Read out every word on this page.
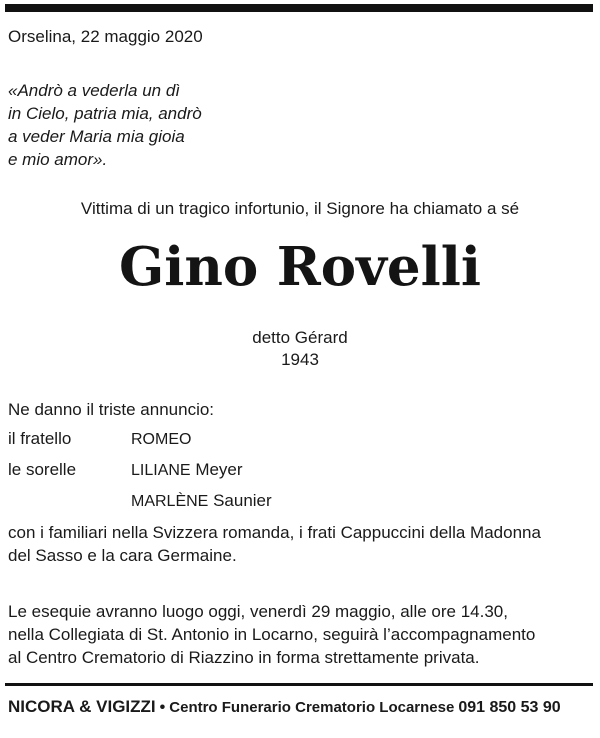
Orselina, 22 maggio 2020
«Andrò a vederla un dì
in Cielo, patria mia, andrò
a veder Maria mia gioia
e mio amor».
Vittima di un tragico infortunio, il Signore ha chiamato a sé
Gino Rovelli
detto Gérard
1943
Ne danno il triste annuncio:
il fratello	ROMEO
le sorelle	LILIANE Meyer
MARLÈNE Saunier
con i familiari nella Svizzera romanda, i frati Cappuccini della Madonna
del Sasso e la cara Germaine.
Le esequie avranno luogo oggi, venerdì 29 maggio, alle ore 14.30,
nella Collegiata di St. Antonio in Locarno, seguirà l’accompagnamento
al Centro Crematorio di Riazzino in forma strettamente privata.
NICORA & VIGIZZI • Centro Funerario Crematorio Locarnese 091 850 53 90
